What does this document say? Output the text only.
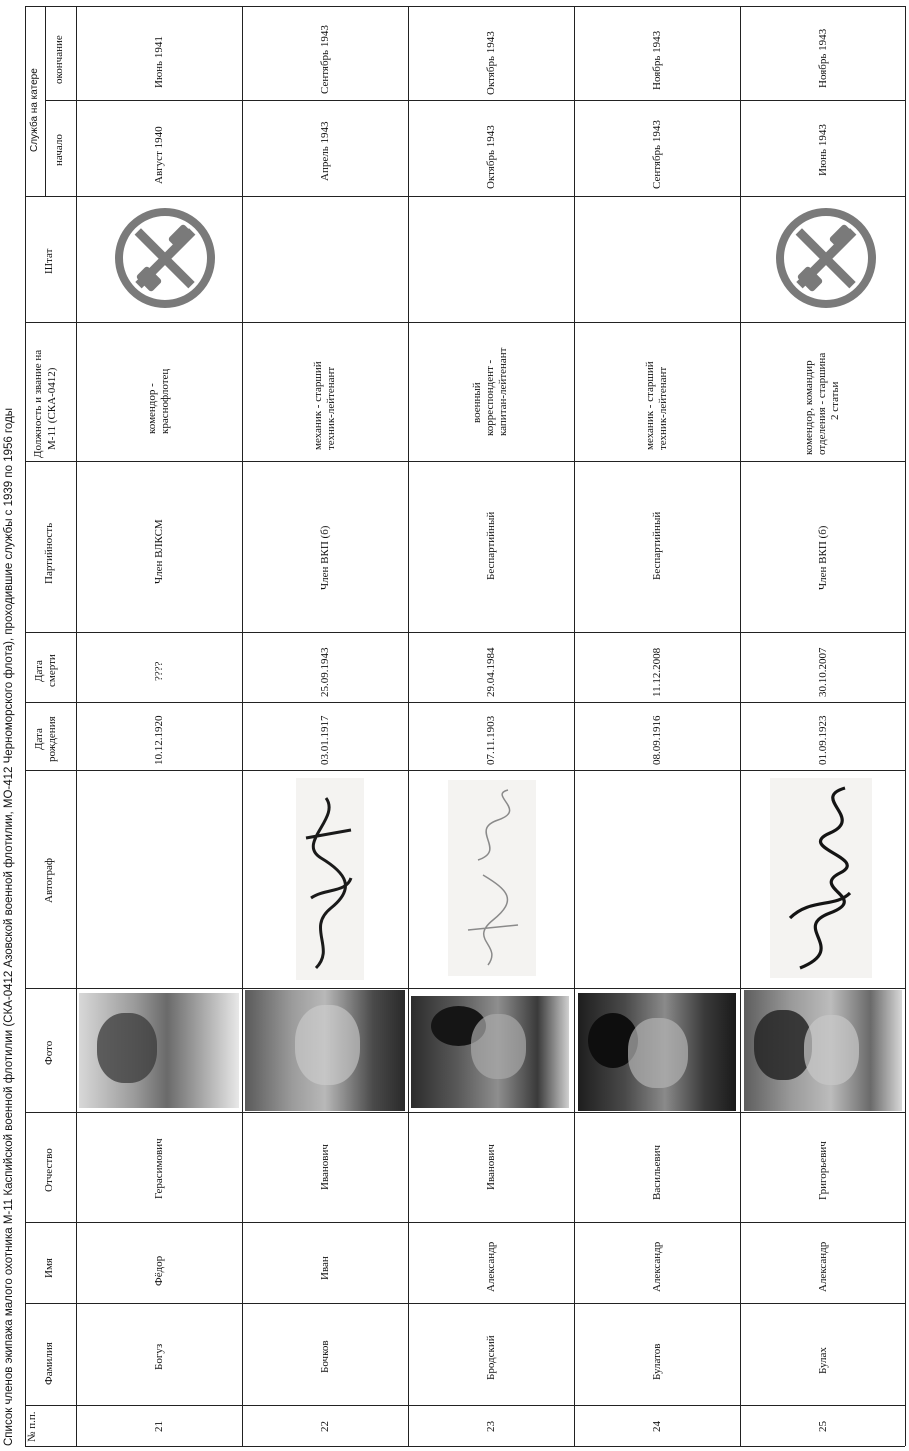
Список членов экипажа малого охотника М-11 Каспийской военной флотилии (СКА-0412 Азовской военной флотилии, МО-412 Черноморского флота), проходившие службы с 1939 по 1956 годы № п.п.
Фамилия
Имя
Отчество
Фото
Автограф
Дата рождения
Дата смерти
Партийность
Должность и звание на М-11 (СКА-0412)
Штат
Служба на катере начало
окончание
21
Богуз
Фёдор
Герасимович
10.12.1920
????
Член ВЛКСМ
комендор - краснофлотец
Август 1940
Июнь 1941
22
Бочков
Иван
Иванович
03.01.1917
25.09.1943
Член ВКП (б)
механик - старший техник-лейтенант
Апрель 1943
Сентябрь 1943
23
Бродский
Александр
Иванович
07.11.1903
29.04.1984
Беспартийный
военный корреспондент - капитан-лейтенант
Октябрь 1943
Октябрь 1943
24
Булатов
Александр
Васильевич
08.09.1916
11.12.2008
Беспартийный
механик - старший техник-лейтенант
Сентябрь 1943
Ноябрь 1943
25
Булах
Александр
Григорьевич
01.09.1923
30.10.2007
Член ВКП (б)
комендор, командир отделения - старшина 2 статьи
Июнь 1943
Ноябрь 1943
